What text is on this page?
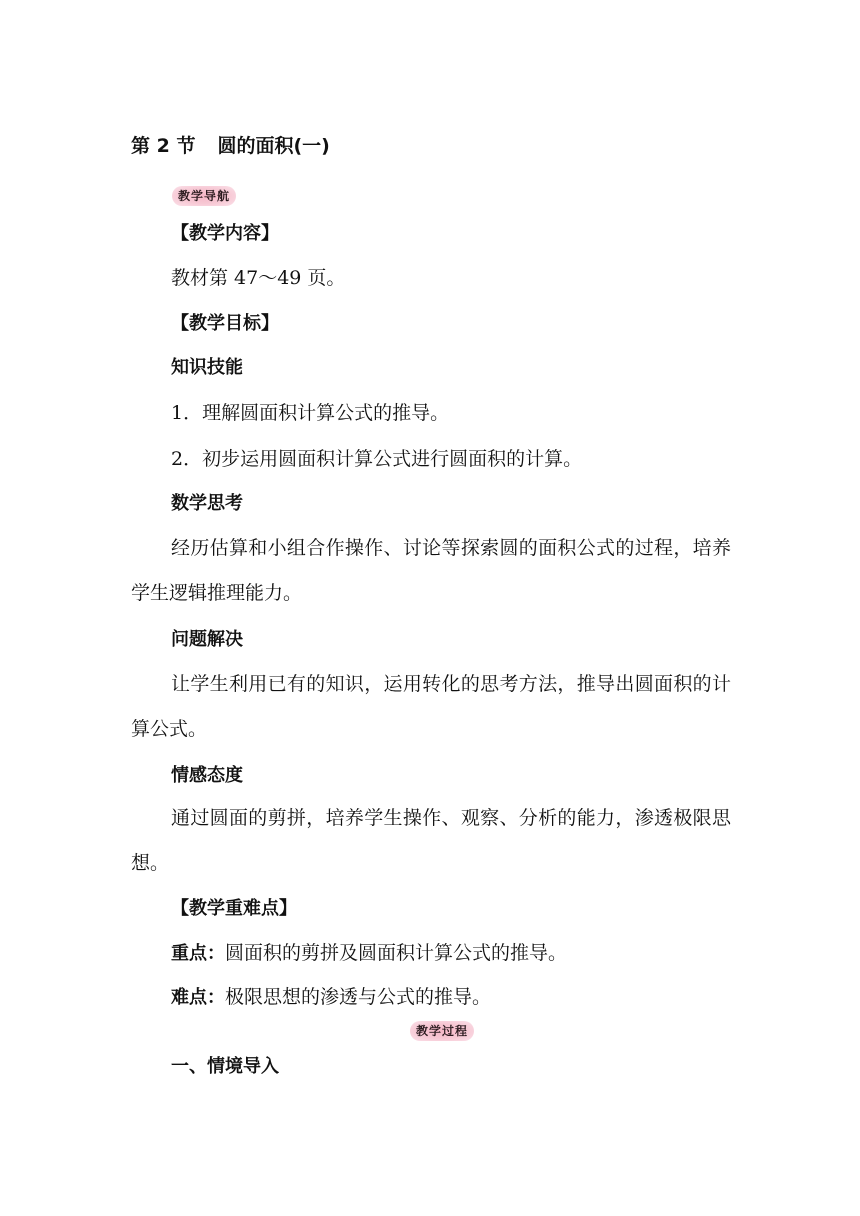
第 2 节 圆的面积(一)
教学导航
【教学内容】
教材第 47～49 页。
【教学目标】
知识技能
1．理解圆面积计算公式的推导。
2．初步运用圆面积计算公式进行圆面积的计算。
数学思考
经历估算和小组合作操作、讨论等探索圆的面积公式的过程，培养学生逻辑推理能力。
问题解决
让学生利用已有的知识，运用转化的思考方法，推导出圆面积的计算公式。
情感态度
通过圆面的剪拼，培养学生操作、观察、分析的能力，渗透极限思想。
【教学重难点】
重点：圆面积的剪拼及圆面积计算公式的推导。
难点：极限思想的渗透与公式的推导。
教学过程
一、情境导入
